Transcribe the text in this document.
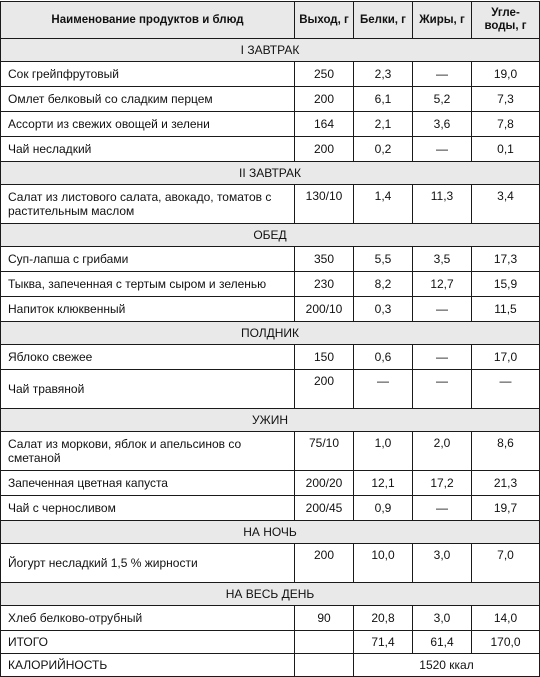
Наименование продуктов и блюд	Выход, г	Белки, г	Жиры, г	Угле-воды, г
I ЗАВТРАК				
Сок грейпфрутовый	250	2,3	—	19,0
Омлет белковый со сладким перцем	200	6,1	5,2	7,3
Ассорти из свежих овощей и зелени	164	2,1	3,6	7,8
Чай несладкий	200	0,2	—	0,1
II ЗАВТРАК				
Салат из листового салата, авокадо, томатов с растительным маслом	130/10	1,4	11,3	3,4
ОБЕД				
Суп-лапша с грибами	350	5,5	3,5	17,3
Тыква, запеченная с тертым сыром и зеленью	230	8,2	12,7	15,9
Напиток клюквенный	200/10	0,3	—	11,5
ПОЛДНИК				
Яблоко свежее	150	0,6	—	17,0
Чай травяной	200	—	—	—
УЖИН				
Салат из моркови, яблок и апельсинов со сметаной	75/10	1,0	2,0	8,6
Запеченная цветная капуста	200/20	12,1	17,2	21,3
Чай с черносливом	200/45	0,9	—	19,7
НА НОЧЬ				
Йогурт несладкий 1,5 % жирности	200	10,0	3,0	7,0
НА ВЕСЬ ДЕНЬ				
Хлеб белково-отрубный	90	20,8	3,0	14,0
ИТОГО		71,4	61,4	170,0
КАЛОРИЙНОСТЬ		1520 ккал		
